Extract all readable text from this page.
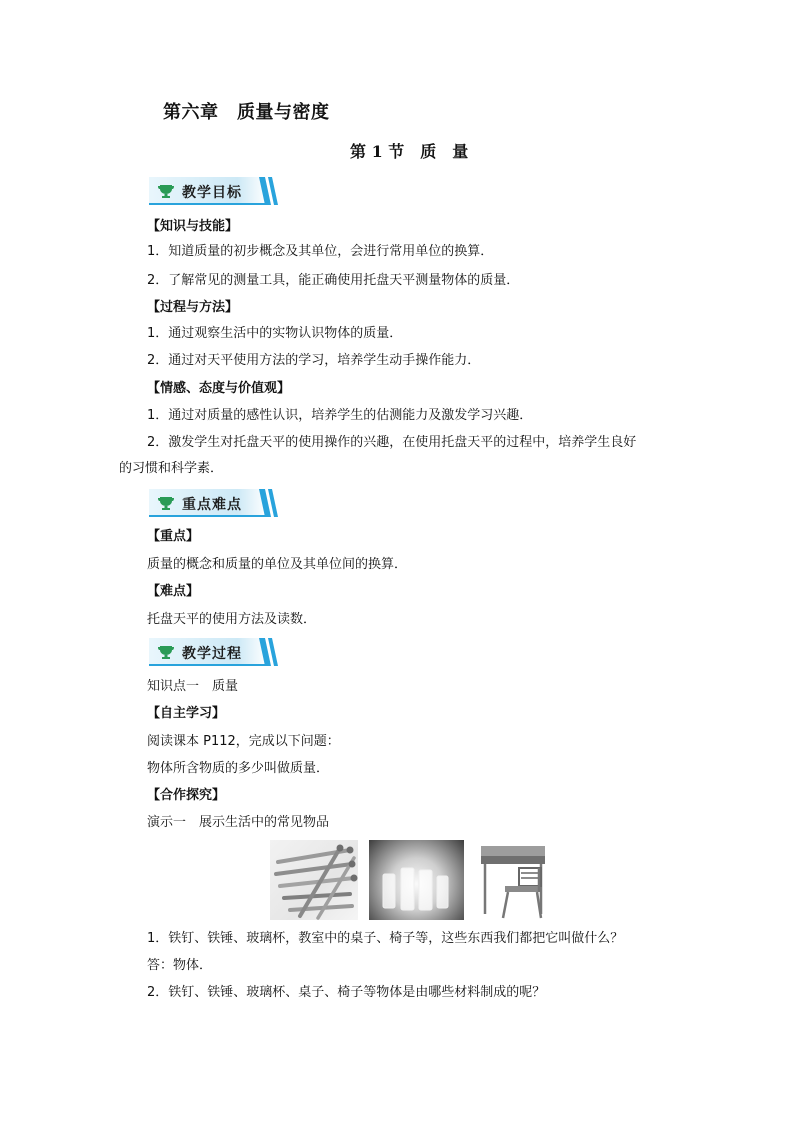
第六章　质量与密度
第 1 节　质　量
教学目标
【知识与技能】
1．知道质量的初步概念及其单位，会进行常用单位的换算．
2．了解常见的测量工具，能正确使用托盘天平测量物体的质量．
【过程与方法】
1．通过观察生活中的实物认识物体的质量．
2．通过对天平使用方法的学习，培养学生动手操作能力．
【情感、态度与价值观】
1．通过对质量的感性认识，培养学生的估测能力及激发学习兴趣．
2．激发学生对托盘天平的使用操作的兴趣，在使用托盘天平的过程中，培养学生良好
的习惯和科学素．
重点难点
【重点】
质量的概念和质量的单位及其单位间的换算．
【难点】
托盘天平的使用方法及读数．
教学过程
知识点一　质量
【自主学习】
阅读课本 P112，完成以下问题：
物体所含物质的多少叫做质量．
【合作探究】
演示一　展示生活中的常见物品
1．铁钉、铁锤、玻璃杯，教室中的桌子、椅子等，这些东西我们都把它叫做什么？
答：物体．
2．铁钉、铁锤、玻璃杯、桌子、椅子等物体是由哪些材料制成的呢？
